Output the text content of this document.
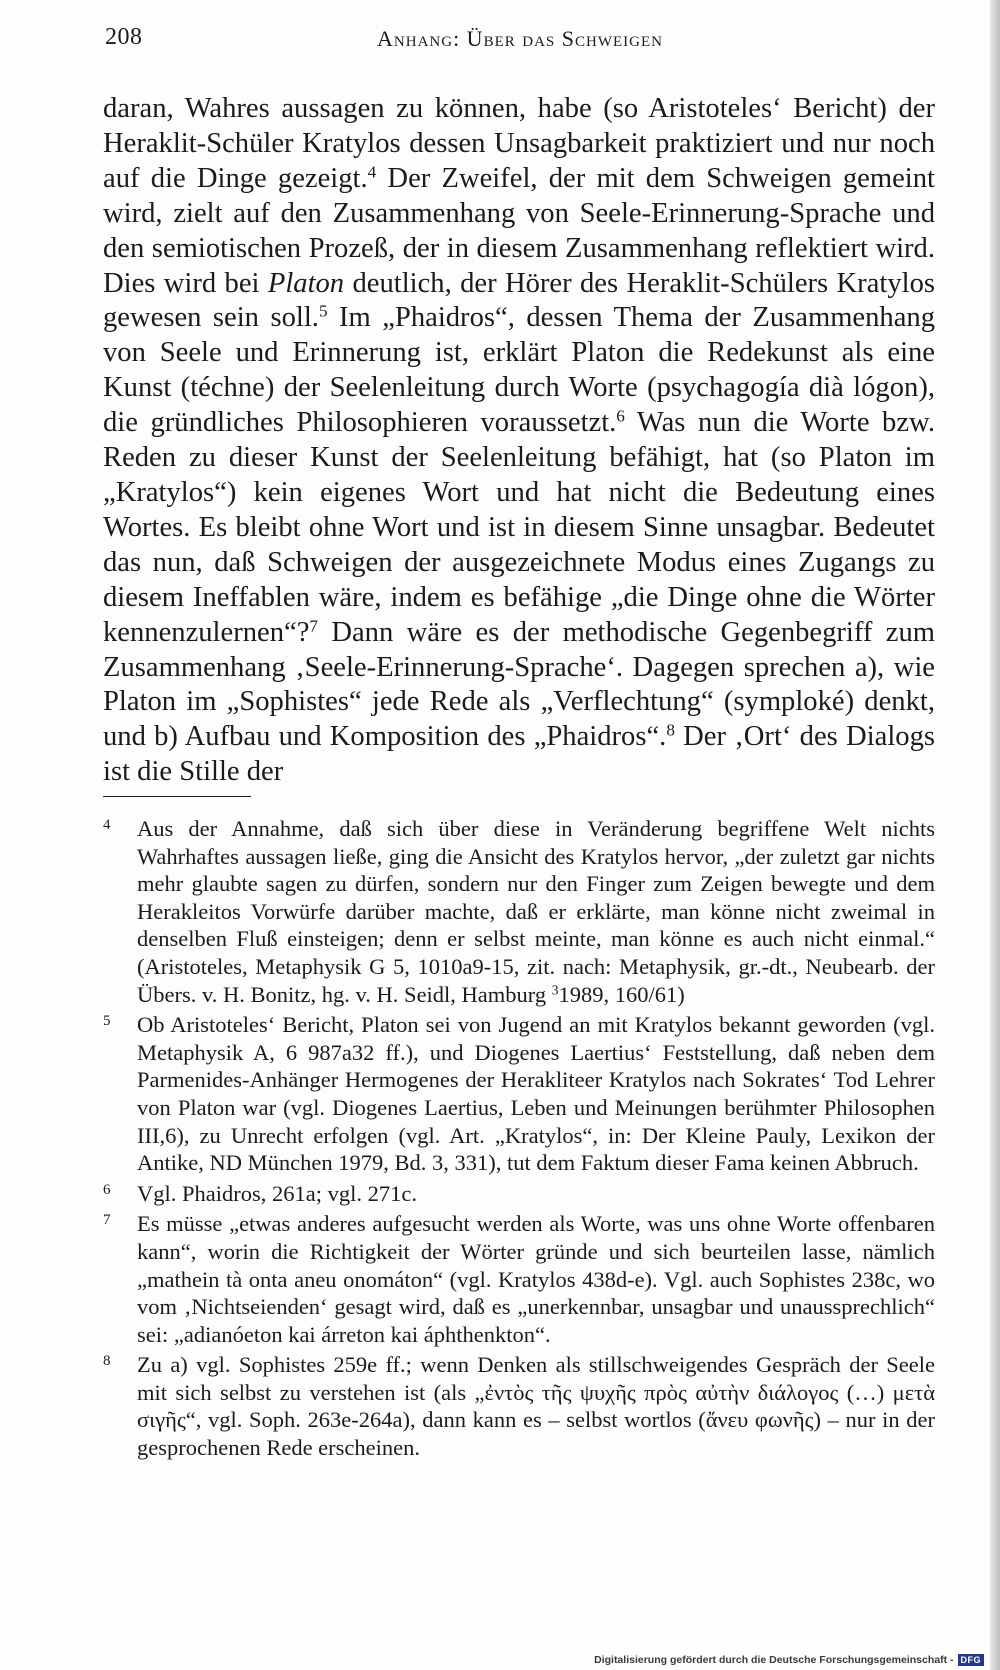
208	Anhang: Über das Schweigen

daran, Wahres aussagen zu können, habe (so Aristoteles‘ Bericht) der Heraklit-Schüler Kratylos dessen Unsagbarkeit praktiziert und nur noch auf die Dinge gezeigt.$^4$ Der Zweifel, der mit dem Schweigen gemeint wird, zielt auf den Zusammenhang von Seele-Erinnerung-Sprache und den semiotischen Prozeß, der in diesem Zusammenhang reflektiert wird. Dies wird bei Platon deutlich, der Hörer des Heraklit-Schülers Kratylos gewesen sein soll.$^5$ Im „Phaidros“, dessen Thema der Zusammenhang von Seele und Erinnerung ist, erklärt Platon die Redekunst als eine Kunst (téchne) der Seelenleitung durch Worte (psychagogía dià lógon), die gründliches Philosophieren voraussetzt.$^6$ Was nun die Worte bzw. Reden zu dieser Kunst der Seelenleitung befähigt, hat (so Platon im „Kratylos“) kein eigenes Wort und hat nicht die Bedeutung eines Wortes. Es bleibt ohne Wort und ist in diesem Sinne unsagbar. Bedeutet das nun, daß Schweigen der ausgezeichnete Modus eines Zugangs zu diesem Ineffablen wäre, indem es befähige „die Dinge ohne die Wörter kennenzulernen“?$^7$ Dann wäre es der methodische Gegenbegriff zum Zusammenhang ‚Seele-Erinnerung-Sprache‘. Dagegen sprechen a), wie Platon im „Sophistes“ jede Rede als „Verflechtung“ (symploké) denkt, und b) Aufbau und Komposition des „Phaidros“.$^8$ Der ‚Ort‘ des Dialogs ist die Stille der

4 Aus der Annahme, daß sich über diese in Veränderung begriffene Welt nichts Wahrhaftes aussagen ließe, ging die Ansicht des Kratylos hervor, „der zuletzt gar nichts mehr glaubte sagen zu dürfen, sondern nur den Finger zum Zeigen bewegte und dem Herakleitos Vorwürfe darüber machte, daß er erklärte, man könne nicht zweimal in denselben Fluß einsteigen; denn er selbst meinte, man könne es auch nicht einmal.“ (Aristoteles, Metaphysik G 5, 1010a9-15, zit. nach: Metaphysik, gr.-dt., Neubearb. der Übers. v. H. Bonitz, hg. v. H. Seidl, Hamburg $^3$1989, 160/61)
5 Ob Aristoteles‘ Bericht, Platon sei von Jugend an mit Kratylos bekannt geworden (vgl. Metaphysik A, 6 987a32 ff.), und Diogenes Laertius‘ Feststellung, daß neben dem Parmenides-Anhänger Hermogenes der Herakliteer Kratylos nach Sokrates‘ Tod Lehrer von Platon war (vgl. Diogenes Laertius, Leben und Meinungen berühmter Philosophen III,6), zu Unrecht erfolgen (vgl. Art. „Kratylos“, in: Der Kleine Pauly, Lexikon der Antike, ND München 1979, Bd. 3, 331), tut dem Faktum dieser Fama keinen Abbruch.
6 Vgl. Phaidros, 261a; vgl. 271c.
7 Es müsse „etwas anderes aufgesucht werden als Worte, was uns ohne Worte offenbaren kann“, worin die Richtigkeit der Wörter gründe und sich beurteilen lasse, nämlich „mathein tà onta aneu onomáton“ (vgl. Kratylos 438d-e). Vgl. auch Sophistes 238c, wo vom ‚Nichtseienden‘ gesagt wird, daß es „unerkennbar, unsagbar und unaussprechlich“ sei: „adianóeton kai árreton kai áphthenkton“.
8 Zu a) vgl. Sophistes 259e ff.; wenn Denken als stillschweigendes Gespräch der Seele mit sich selbst zu verstehen ist (als „ἐντὸς τῆς ψυχῆς πρὸς αὐτὴν διάλογος (…) μετὰ σιγῆς“, vgl. Soph. 263e-264a), dann kann es – selbst wortlos (ἄνευ φωνῆς) – nur in der gesprochenen Rede erscheinen.
Digitalisierung gefördert durch die Deutsche Forschungsgemeinschaft - DFG
